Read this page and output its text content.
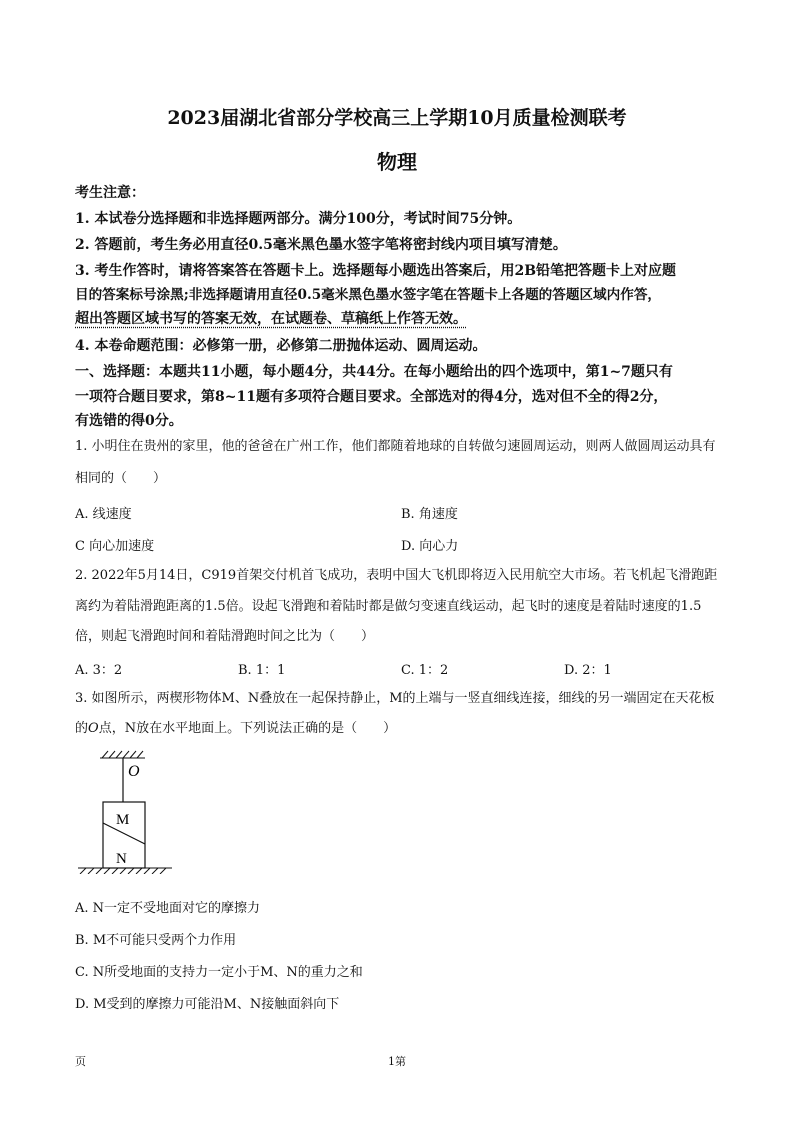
2023届湖北省部分学校高三上学期10月质量检测联考
物理
考生注意：
1. 本试卷分选择题和非选择题两部分。满分100分，考试时间75分钟。
2. 答题前，考生务必用直径0.5毫米黑色墨水签字笔将密封线内项目填写清楚。
3. 考生作答时，请将答案答在答题卡上。选择题每小题选出答案后，用2B铅笔把答题卡上对应题
目的答案标号涂黑;非选择题请用直径0.5毫米黑色墨水签字笔在答题卡上各题的答题区域内作答，
超出答题区域书写的答案无效，在试题卷、草稿纸上作答无效。
4. 本卷命题范围：必修第一册，必修第二册抛体运动、圆周运动。
一、选择题：本题共11小题，每小题4分，共44分。在每小题给出的四个选项中，第1~7题只有
一项符合题目要求，第8~11题有多项符合题目要求。全部选对的得4分，选对但不全的得2分，
有选错的得0分。
1. 小明住在贵州的家里，他的爸爸在广州工作，他们都随着地球的自转做匀速圆周运动，则两人做圆周运动具有
相同的（　　）
A. 线速度	B. 角速度
C 向心加速度	D. 向心力
2. 2022年5月14日，C919首架交付机首飞成功，表明中国大飞机即将迈入民用航空大市场。若飞机起飞滑跑距
离约为着陆滑跑距离的1.5倍。设起飞滑跑和着陆时都是做匀变速直线运动，起飞时的速度是着陆时速度的1.5
倍，则起飞滑跑时间和着陆滑跑时间之比为（　　）
A. 3：2	B. 1：1	C. 1：2	D. 2：1
3. 如图所示，两楔形物体M、N叠放在一起保持静止，M的上端与一竖直细线连接，细线的另一端固定在天花板
的O点，N放在水平地面上。下列说法正确的是（　　）
O
M
N
A. N一定不受地面对它的摩擦力
B. M不可能只受两个力作用
C. N所受地面的支持力一定小于M、N的重力之和
D. M受到的摩擦力可能沿M、N接触面斜向下
页	1第
